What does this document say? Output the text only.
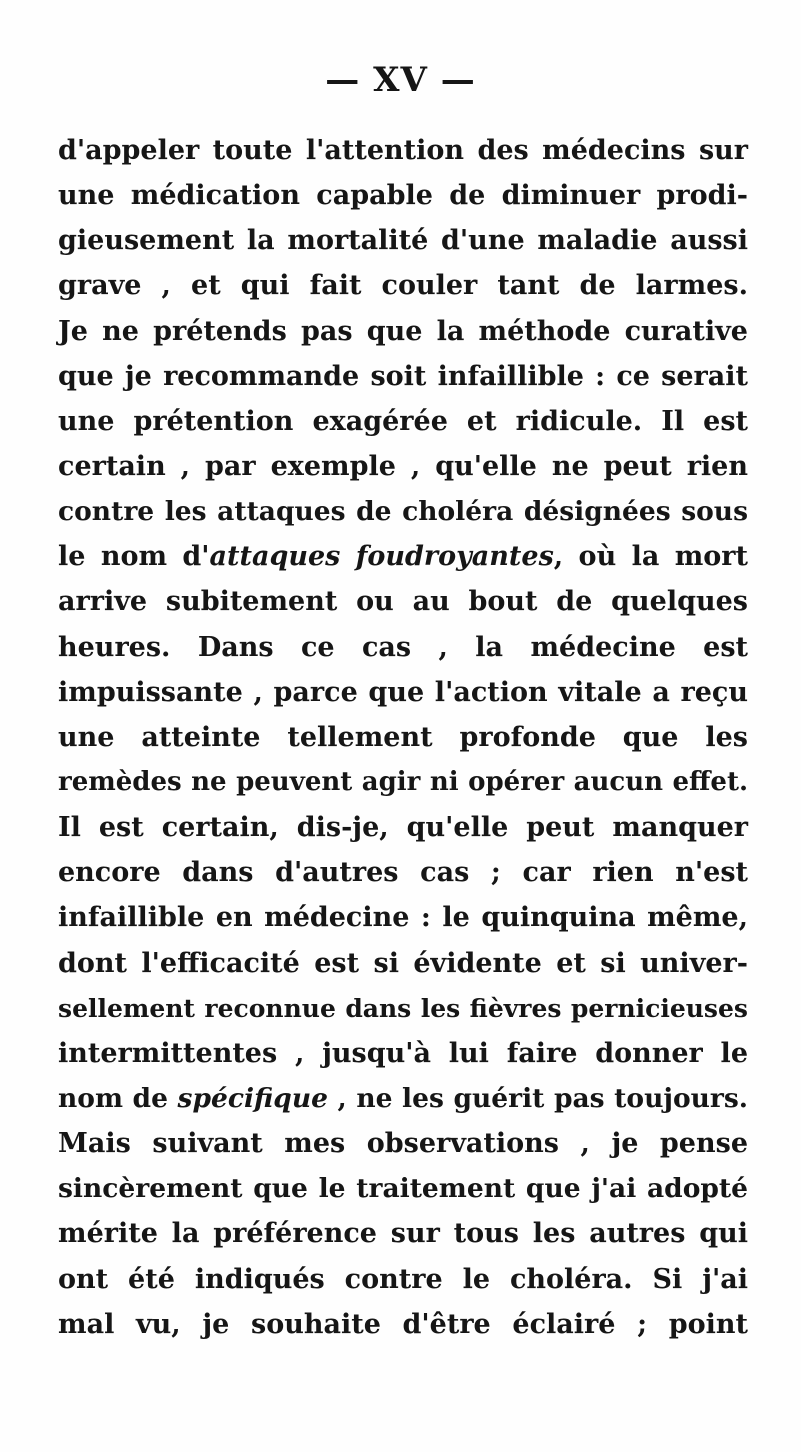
— XV —
d'appeler toute l'attention des médecins sur
une médication capable de diminuer prodi-
gieusement la mortalité d'une maladie aussi
grave , et qui fait couler tant de larmes.
Je ne prétends pas que la méthode curative
que je recommande soit infaillible : ce serait
une prétention exagérée et ridicule. Il est
certain , par exemple , qu'elle ne peut rien
contre les attaques de choléra désignées sous
le nom d'attaques foudroyantes, où la mort
arrive subitement ou au bout de quelques
heures. Dans ce cas , la médecine est
impuissante , parce que l'action vitale a reçu
une atteinte tellement profonde que les
remèdes ne peuvent agir ni opérer aucun effet.
Il est certain, dis-je, qu'elle peut manquer
encore dans d'autres cas ; car rien n'est
infaillible en médecine : le quinquina même,
dont l'efficacité est si évidente et si univer-
sellement reconnue dans les fièvres pernicieuses
intermittentes , jusqu'à lui faire donner le
nom de spécifique , ne les guérit pas toujours.
Mais suivant mes observations , je pense
sincèrement que le traitement que j'ai adopté
mérite la préférence sur tous les autres qui
ont été indiqués contre le choléra. Si j'ai
mal vu, je souhaite d'être éclairé ; point
